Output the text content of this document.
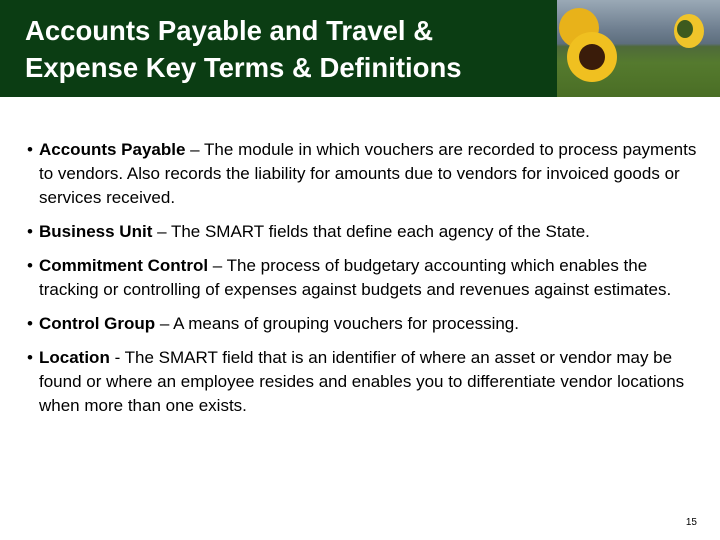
Accounts Payable and Travel &
Expense Key Terms & Definitions
• Accounts Payable – The module in which vouchers are recorded to process payments to vendors. Also records the liability for amounts due to vendors for invoiced goods or services received.
• Business Unit – The SMART fields that define each agency of the State.
• Commitment Control – The process of budgetary accounting which enables the tracking or controlling of expenses against budgets and revenues against estimates.
• Control Group – A means of grouping vouchers for processing.
• Location - The SMART field that is an identifier of where an asset or vendor may be found or where an employee resides and enables you to differentiate vendor locations when more than one exists.
15
